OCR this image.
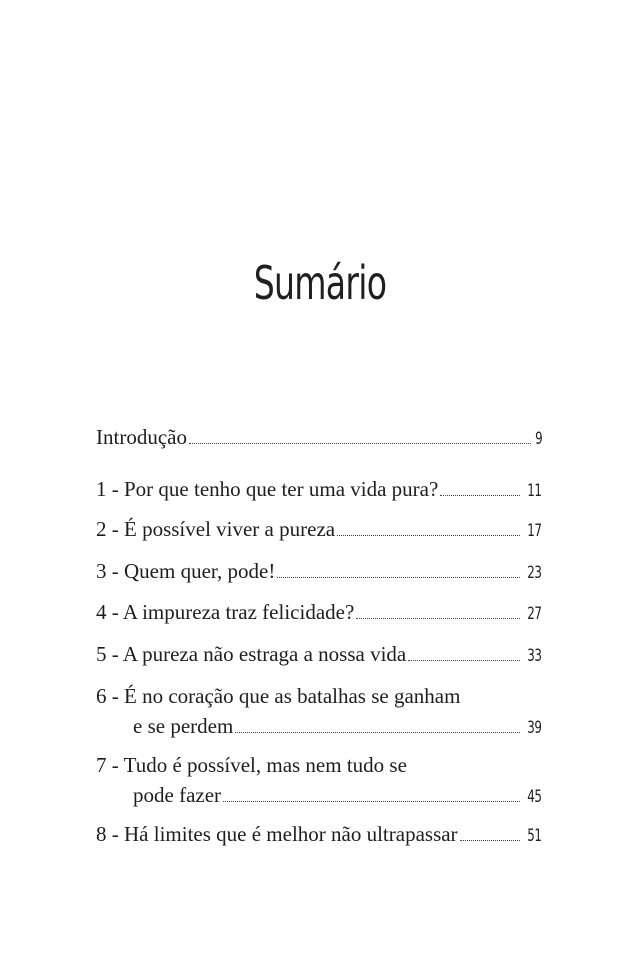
Sumário
Introdução	9
1 - Por que tenho que ter uma vida pura?	11
2 - É possível viver a pureza	17
3 - Quem quer, pode!	23
4 - A impureza traz felicidade?	27
5 - A pureza não estraga a nossa vida	33
6 - É no coração que as batalhas se ganham
e se perdem	39
7 - Tudo é possível, mas nem tudo se
pode fazer	45
8 - Há limites que é melhor não ultrapassar	51
